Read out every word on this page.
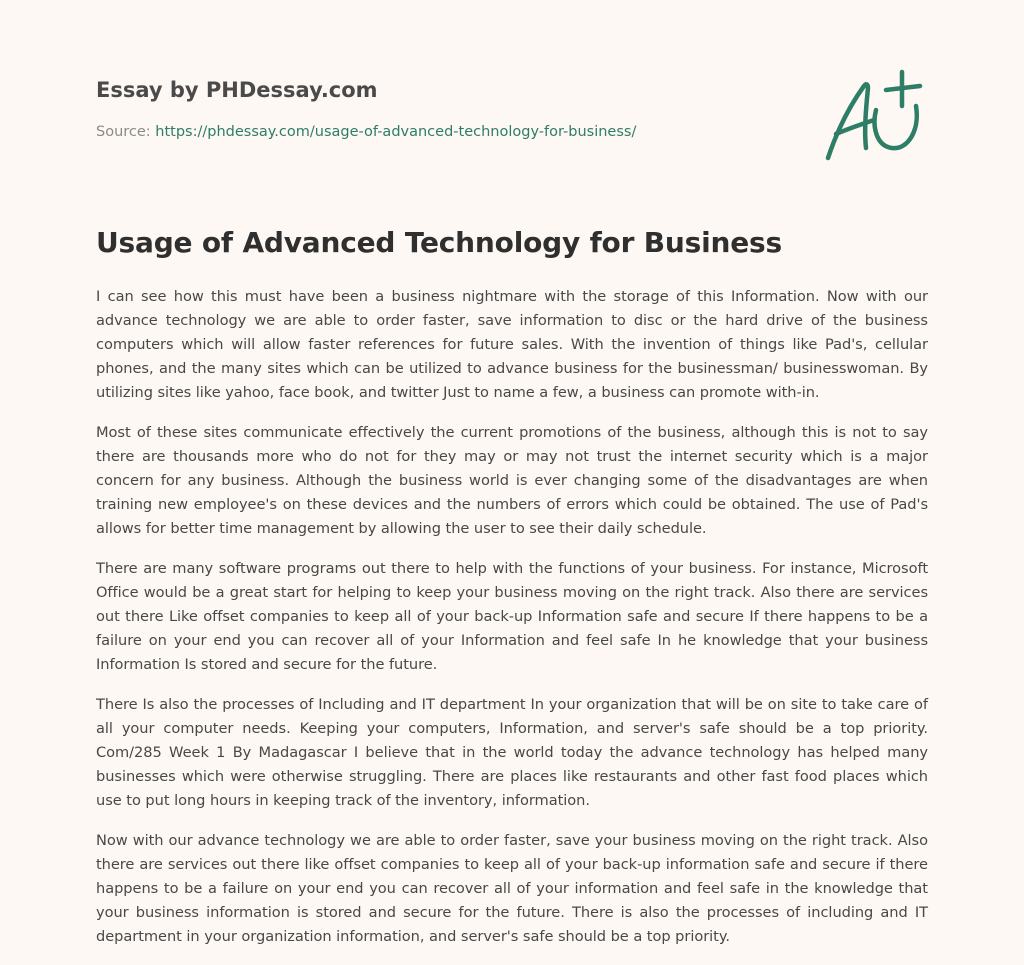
Essay by PHDessay.com
Source: https://phdessay.com/usage-of-advanced-technology-for-business/
Usage of Advanced Technology for Business

I can see how this must have been a business nightmare with the storage of this Information. Now with our advance technology we are able to order faster, save information to disc or the hard drive of the business computers which will allow faster references for future sales. With the invention of things like Pad's, cellular phones, and the many sites which can be utilized to advance business for the businessman/ businesswoman. By utilizing sites like yahoo, face book, and twitter Just to name a few, a business can promote with-in.

Most of these sites communicate effectively the current promotions of the business, although this is not to say there are thousands more who do not for they may or may not trust the internet security which is a major concern for any business. Although the business world is ever changing some of the disadvantages are when training new employee's on these devices and the numbers of errors which could be obtained. The use of Pad's allows for better time management by allowing the user to see their daily schedule.

There are many software programs out there to help with the functions of your business. For instance, Microsoft Office would be a great start for helping to keep your business moving on the right track. Also there are services out there Like offset companies to keep all of your back-up Information safe and secure If there happens to be a failure on your end you can recover all of your Information and feel safe In he knowledge that your business Information Is stored and secure for the future.

There Is also the processes of Including and IT department In your organization that will be on site to take care of all your computer needs. Keeping your computers, Information, and server's safe should be a top priority. Com/285 Week 1 By Madagascar I believe that in the world today the advance technology has helped many businesses which were otherwise struggling. There are places like restaurants and other fast food places which use to put long hours in keeping track of the inventory, information.

Now with our advance technology we are able to order faster, save your business moving on the right track. Also there are services out there like offset companies to keep all of your back-up information safe and secure if there happens to be a failure on your end you can recover all of your information and feel safe in the knowledge that your business information is stored and secure for the future. There is also the processes of including and IT department in your organization information, and server's safe should be a top priority.
